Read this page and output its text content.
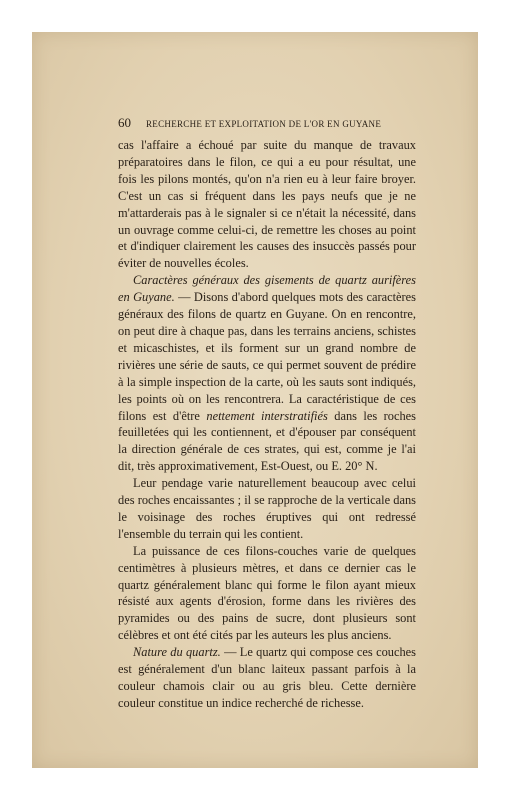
60 RECHERCHE ET EXPLOITATION DE L'OR EN GUYANE

cas l'affaire a échoué par suite du manque de travaux préparatoires dans le filon, ce qui a eu pour résultat, une fois les pilons montés, qu'on n'a rien eu à leur faire broyer. C'est un cas si fréquent dans les pays neufs que je ne m'attarderais pas à le signaler si ce n'était la nécessité, dans un ouvrage comme celui-ci, de remettre les choses au point et d'indiquer clairement les causes des insuccès passés pour éviter de nouvelles écoles.

Caractères généraux des gisements de quartz aurifères en Guyane. — Disons d'abord quelques mots des caractères généraux des filons de quartz en Guyane. On en rencontre, on peut dire à chaque pas, dans les terrains anciens, schistes et micaschistes, et ils forment sur un grand nombre de rivières une série de sauts, ce qui permet souvent de prédire à la simple inspection de la carte, où les sauts sont indiqués, les points où on les rencontrera. La caractéristique de ces filons est d'être nettement interstratifiés dans les roches feuilletées qui les contiennent, et d'épouser par conséquent la direction générale de ces strates, qui est, comme je l'ai dit, très approximativement, Est-Ouest, ou E. 20° N.

Leur pendage varie naturellement beaucoup avec celui des roches encaissantes ; il se rapproche de la verticale dans le voisinage des roches éruptives qui ont redressé l'ensemble du terrain qui les contient.

La puissance de ces filons-couches varie de quelques centimètres à plusieurs mètres, et dans ce dernier cas le quartz généralement blanc qui forme le filon ayant mieux résisté aux agents d'érosion, forme dans les rivières des pyramides ou des pains de sucre, dont plusieurs sont célèbres et ont été cités par les auteurs les plus anciens.

Nature du quartz. — Le quartz qui compose ces couches est généralement d'un blanc laiteux passant parfois à la couleur chamois clair ou au gris bleu. Cette dernière couleur constitue un indice recherché de richesse.
